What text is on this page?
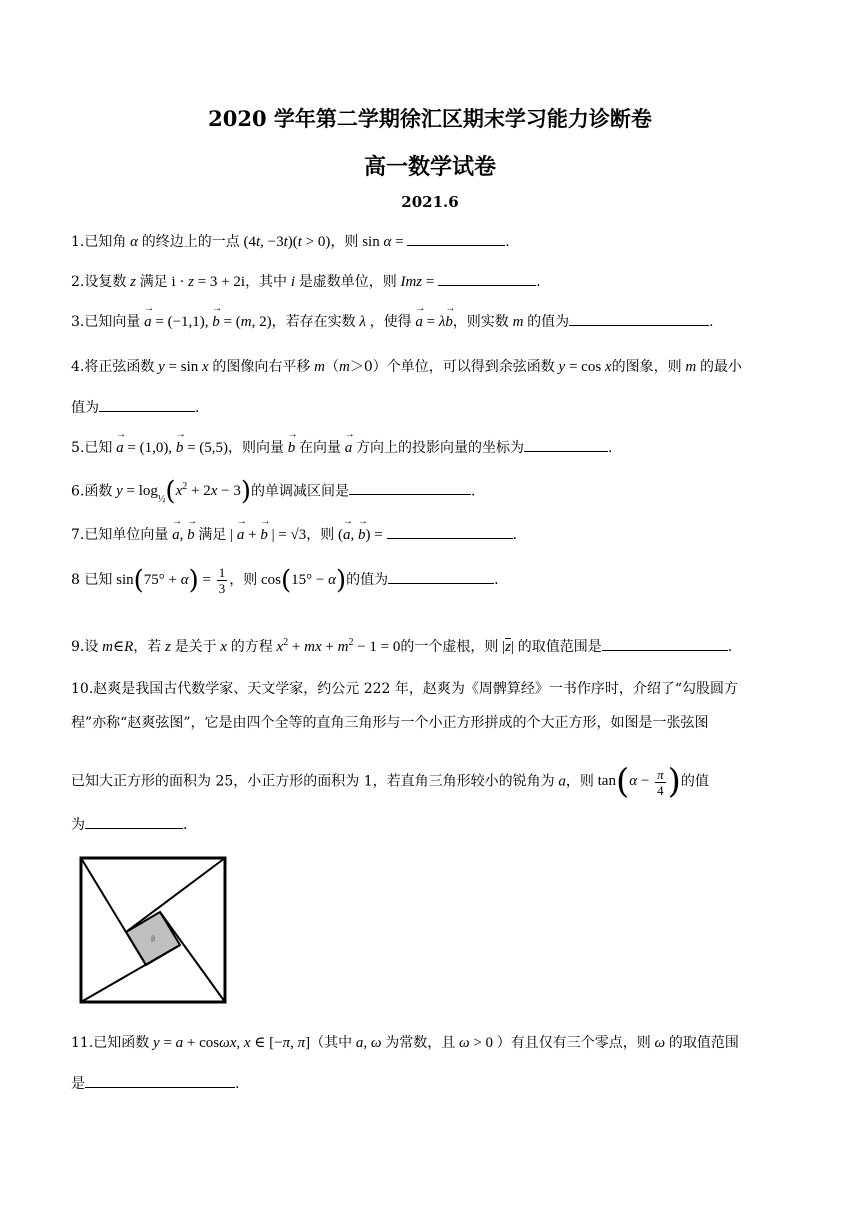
2020 学年第二学期徐汇区期末学习能力诊断卷
高一数学试卷
2021.6
1.已知角 α 的终边上的一点 (4t, −3t)(t > 0)，则 sin α =	.
2.设复数 z 满足 i · z = 3 + 2i，其中 i 是虚数单位，则 Imz =	.
3.已知向量 → a = (−1,1), → b = (m, 2)，若存在实数 λ ，使得 → a = λ→ b，则实数 m 的值为	.
4.将正弦函数 y = sin x 的图像向右平移 m（m＞0）个单位，可以得到余弦函数 y = cos x的图象，则 m 的最小
值为	.
5.已知 → a = (1,0), → b = (5,5)，则向量 → b 在向量 → a 方向上的投影向量的坐标为	.
6.函数 $y = \log_{\frac{1}{2}}(x^2 + 2x - 3)$的单调减区间是	.
7.已知单位向量 → a, → b 满足 | → a + → b | = √3，则 (→ a, → b) =	.
8 已知 $\sin(75^\circ + \alpha) = \frac{1}{3}$ ，则 cos(15° − α)的值为	.
9.设 m∈R，若 z 是关于 x 的方程 $x^2$ + mx + $m^2 - 1 = 0$的一个虚根，则 $|\overline{z}|$ 的取值范围是	.
10.赵爽是我国古代数学家、天文学家，约公元 222 年，赵爽为《周髀算经》一书作序时，介绍了“勾股圆方
程”亦称“赵爽弦图”，它是由四个全等的直角三角形与一个小正方形拼成的个大正方形，如图是一张弦图
已知大正方形的面积为 25，小正方形的面积为 1，若直角三角形较小的锐角为 a，则 $\tan(\alpha - \frac{\pi}{4}$ )的值
为	.
β
11.已知函数 y = a + cosωx, x ∈ [−π, π]（其中 a, ω 为常数，且 ω > 0 ）有且仅有三个零点，则 ω 的取值范围
是	.
